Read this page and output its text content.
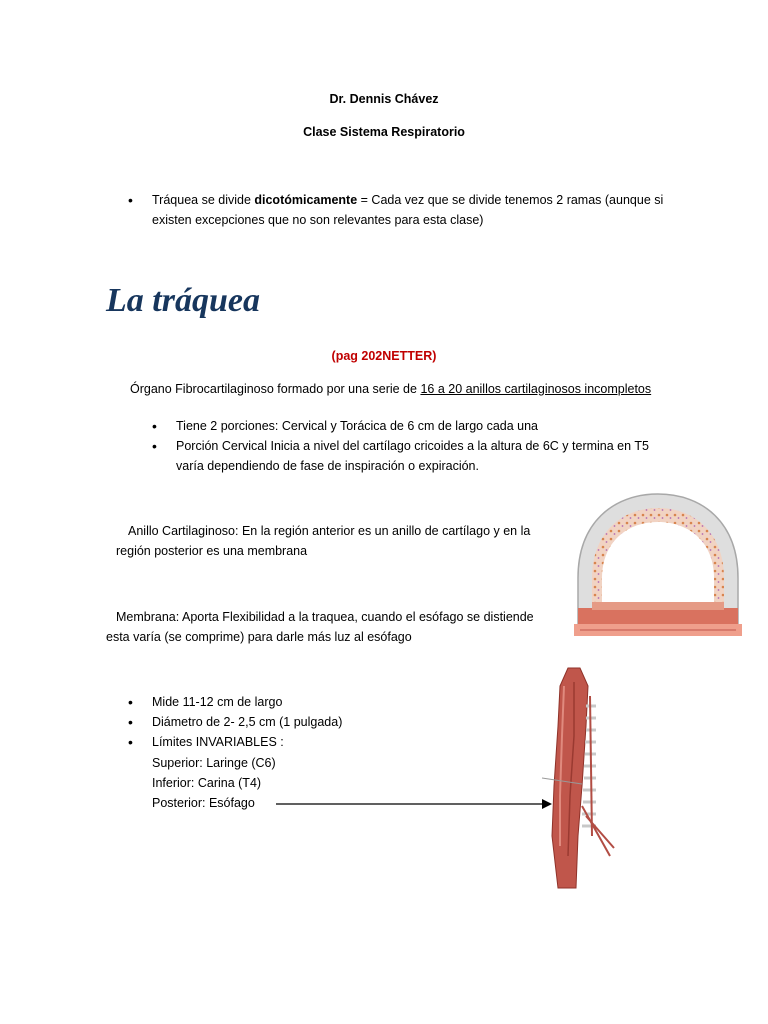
Dr. Dennis Chávez
Clase Sistema Respiratorio
• Tráquea se divide dicotómicamente = Cada vez que se divide tenemos 2 ramas (aunque si
existen excepciones que no son relevantes para esta clase)
La tráquea
(pag 202NETTER)
Órgano Fibrocartilaginoso formado por una serie de 16 a 20 anillos cartilaginosos incompletos
• Tiene 2 porciones: Cervical y Torácica de 6 cm de largo cada una
• Porción Cervical Inicia a nivel del cartílago cricoides a la altura de 6C y termina en T5
varía dependiendo de fase de inspiración o expiración.
Anillo Cartilaginoso: En la región anterior es un anillo de cartílago y en la
región posterior es una membrana
Membrana: Aporta Flexibilidad a la traquea, cuando el esófago se distiende
esta varía (se comprime) para darle más luz al esófago
• Mide 11-12 cm de largo
• Diámetro de 2- 2,5 cm (1 pulgada)
• Límites INVARIABLES :
Superior: Laringe (C6)
Inferior: Carina (T4)
Posterior: Esófago
